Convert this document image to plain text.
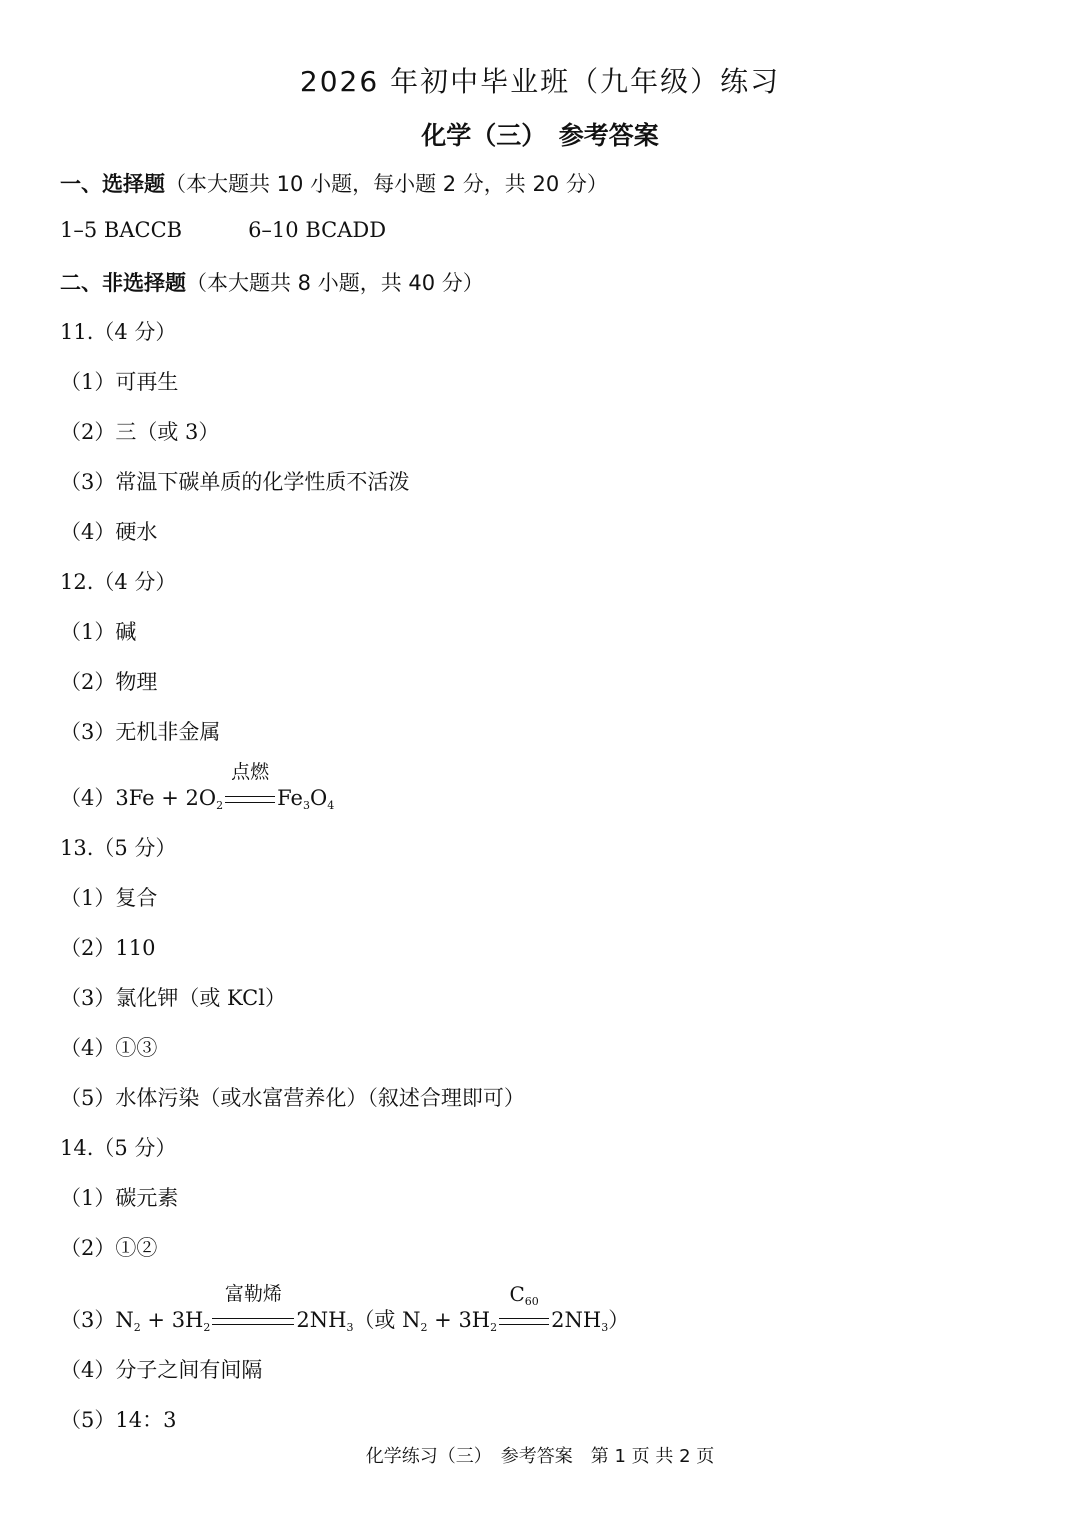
2026 年初中毕业班（九年级）练习
化学（三）　参考答案
一、选择题（本大题共 10 小题，每小题 2 分，共 20 分）
1–5 BACCB	6–10 BCADD
二、非选择题（本大题共 8 小题，共 40 分）
11.（4 分）
（1）可再生
（2）三（或 3）
（3）常温下碳单质的化学性质不活泼
（4）硬水
12.（4 分）
（1）碱
（2）物理
（3）无机非金属
$(4)3Fe + 2O_2$
点燃
$Fe_3O_4$
13.（5 分）
（1）复合
（2）110
（3）氯化钾（或 KCl）
（4）①③
（5）水体污染（或水富营养化）（叙述合理即可）
14.（5 分）
（1）碳元素
（2）①②
$(3)N_2 + 3H_2$
富勒烯
$2NH_3$（或 $N_2 + 3H_2$
$C_{60}$
$2NH_3$）
（4）分子之间有间隔
（5）14：3
化学练习（三）　参考答案　第 1 页 共 2 页
